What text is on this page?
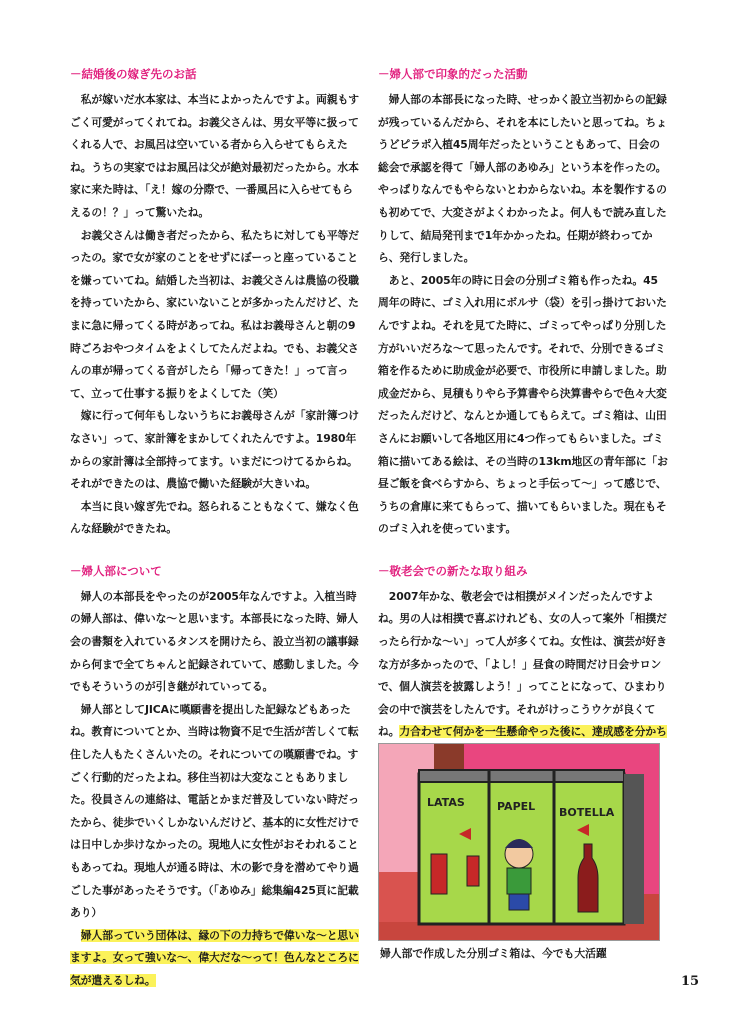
－結婚後の嫁ぎ先のお話

私が嫁いだ水本家は、本当によかったんですよ。両親もすごく可愛がってくれてね。お義父さんは、男女平等に扱ってくれる人で、お風呂は空いている者から入らせてもらえたね。うちの実家ではお風呂は父が絶対最初だったから。水本家に来た時は、「え！嫁の分際で、一番風呂に入らせてもらえるの！？」って驚いたね。

お義父さんは働き者だったから、私たちに対しても平等だったの。家で女が家のことをせずにぼーっと座っていることを嫌っていてね。結婚した当初は、お義父さんは農協の役職を持っていたから、家にいないことが多かったんだけど、たまに急に帰ってくる時があってね。私はお義母さんと朝の9時ごろおやつタイムをよくしてたんだよね。でも、お義父さんの車が帰ってくる音がしたら「帰ってきた！」って言って、立って仕事する振りをよくしてた（笑）

嫁に行って何年もしないうちにお義母さんが「家計簿つけなさい」って、家計簿をまかしてくれたんですよ。1980年からの家計簿は全部持ってます。いまだにつけてるからね。それができたのは、農協で働いた経験が大きいね。

本当に良い嫁ぎ先でね。怒られることもなくて、嫌なく色んな経験ができたね。

－婦人部について

婦人の本部長をやったのが2005年なんですよ。入植当時の婦人部は、偉いな～と思います。本部長になった時、婦人会の書類を入れているタンスを開けたら、設立当初の議事録から何まで全てちゃんと記録されていて、感動しました。今でもそういうのが引き継がれていってる。

婦人部としてJICAに嘆願書を提出した記録などもあったね。教育についてとか、当時は物資不足で生活が苦しくて転住した人もたくさんいたの。それについての嘆願書でね。すごく行動的だったよね。移住当初は大変なこともありました。役員さんの連絡は、電話とかまだ普及していない時だったから、徒歩でいくしかないんだけど、基本的に女性だけでは日中しか歩けなかったの。現地人に女性がおそわれることもあってね。現地人が通る時は、木の影で身を潜めてやり過ごした事があったそうです。（「あゆみ」総集編425頁に記載あり）

婦人部っていう団体は、縁の下の力持ちで偉いな～と思いますよ。女って強いな～、偉大だな～って！色んなところに気が遣えるしね。

－婦人部で印象的だった活動

婦人部の本部長になった時、せっかく設立当初からの記録が残っているんだから、それを本にしたいと思ってね。ちょうどピラポ入植45周年だったということもあって、日会の総会で承認を得て「婦人部のあゆみ」という本を作ったの。やっぱりなんでもやらないとわからないね。本を製作するのも初めてで、大変さがよくわかったよ。何人もで読み直したりして、結局発刊まで1年かかったね。任期が終わってから、発行しました。

あと、2005年の時に日会の分別ゴミ箱も作ったね。45周年の時に、ゴミ入れ用にボルサ（袋）を引っ掛けておいたんですよね。それを見てた時に、ゴミってやっぱり分別した方がいいだろな～て思ったんです。それで、分別できるゴミ箱を作るために助成金が必要で、市役所に申請しました。助成金だから、見積もりやら予算書やら決算書やらで色々大変だったんだけど、なんとか通してもらえて。ゴミ箱は、山田さんにお願いして各地区用に4つ作ってもらいました。ゴミ箱に描いてある絵は、その当時の13km地区の青年部に「お昼ご飯を食べらすから、ちょっと手伝って～」って感じで、うちの倉庫に来てもらって、描いてもらいました。現在もそのゴミ入れを使っています。

－敬老会での新たな取り組み

2007年かな、敬老会では相撲がメインだったんですよね。男の人は相撲で喜ぶけれども、女の人って案外「相撲だったら行かな～い」って人が多くてね。女性は、演芸が好きな方が多かったので、「よし！」昼食の時間だけ日会サロンで、個人演芸を披露しよう！」ってことになって、ひまわり会の中で演芸をしたんです。それがけっこうウケが良くてね。力合わせて何かを一生懸命やった後に、達成感を分かち

LATAS	PAPEL BOTELLA
婦人部で作成した分別ゴミ箱は、今でも大活躍
15
